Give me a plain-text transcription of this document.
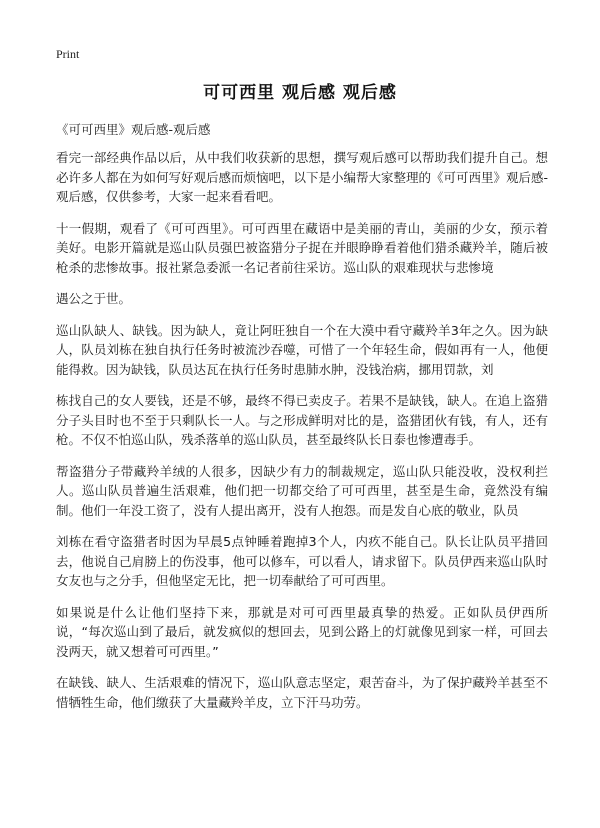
Print
可可西里 观后感 观后感
《可可西里》观后感-观后感

看完一部经典作品以后，从中我们收获新的思想，撰写观后感可以帮助我们提升自己。想必许多人都在为如何写好观后感而烦恼吧，以下是小编帮大家整理的《可可西里》观后感-观后感，仅供参考，大家一起来看看吧。

十一假期，观看了《可可西里》。可可西里在藏语中是美丽的青山，美丽的少女，预示着美好。电影开篇就是巡山队员强巴被盗猎分子捉在并眼睁睁看着他们猎杀藏羚羊，随后被枪杀的悲惨故事。报社紧急委派一名记者前往采访。巡山队的艰难现状与悲惨境

遇公之于世。

巡山队缺人、缺钱。因为缺人，竟让阿旺独自一个在大漠中看守藏羚羊3年之久。因为缺人，队员刘栋在独自执行任务时被流沙吞噬，可惜了一个年轻生命，假如再有一人，他便能得救。因为缺钱，队员达瓦在执行任务时患肺水肿，没钱治病，挪用罚款，刘

栋找自己的女人要钱，还是不够，最终不得已卖皮子。若果不是缺钱，缺人。在追上盗猎分子头目时也不至于只剩队长一人。与之形成鲜明对比的是，盗猎团伙有钱，有人，还有枪。不仅不怕巡山队，残杀落单的巡山队员，甚至最终队长日泰也惨遭毒手。

帮盗猎分子带藏羚羊绒的人很多，因缺少有力的制裁规定，巡山队只能没收，没权利拦人。巡山队员普遍生活艰难，他们把一切都交给了可可西里，甚至是生命，竟然没有编制。他们一年没工资了，没有人提出离开，没有人抱怨。而是发自心底的敬业，队员

刘栋在看守盗猎者时因为早晨5点钟睡着跑掉3个人，内疚不能自己。队长让队员平措回去，他说自己肩膀上的伤没事，他可以修车，可以看人，请求留下。队员伊西来巡山队时女友也与之分手，但他坚定无比，把一切奉献给了可可西里。

如果说是什么让他们坚持下来，那就是对可可西里最真挚的热爱。正如队员伊西所说，“每次巡山到了最后，就发疯似的想回去，见到公路上的灯就像见到家一样，可回去没两天，就又想着可可西里。”

在缺钱、缺人、生活艰难的情况下，巡山队意志坚定，艰苦奋斗，为了保护藏羚羊甚至不惜牺牲生命，他们缴获了大量藏羚羊皮，立下汗马功劳。
